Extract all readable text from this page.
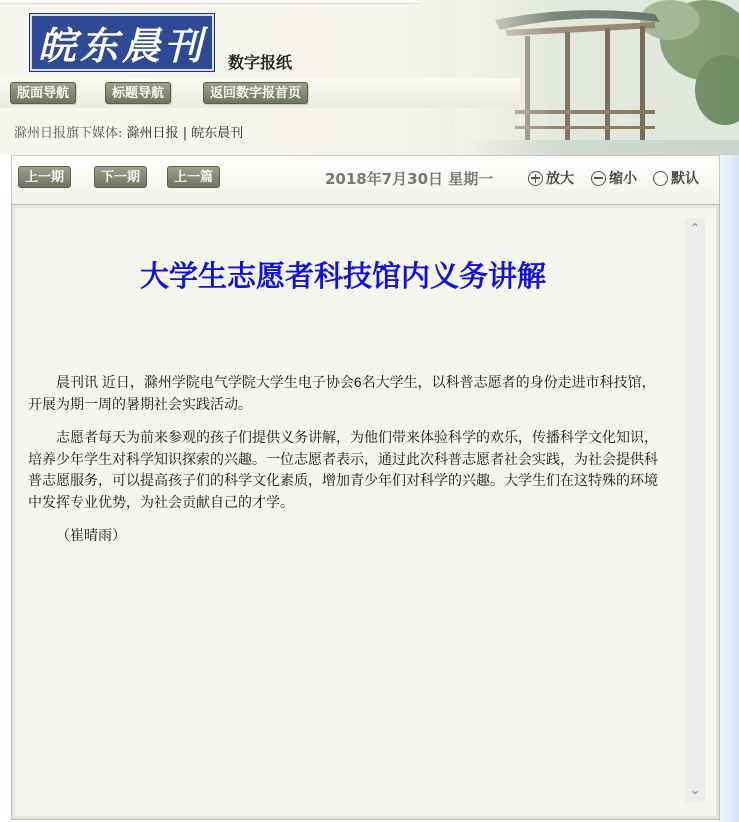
皖东晨刊 数字报纸
版面导航	标题导航	返回数字报首页
滁州日报旗下媒体: 滁州日报 | 皖东晨刊
上一期	下一期	上一篇	2018年7月30日 星期一	放大	缩小 默认
大学生志愿者科技馆内义务讲解

晨刊讯 近日，滁州学院电气学院大学生电子协会6名大学生，以科普志愿者的身份走进市科技馆，开展为期一周的暑期社会实践活动。

志愿者每天为前来参观的孩子们提供义务讲解，为他们带来体验科学的欢乐，传播科学文化知识，培养少年学生对科学知识探索的兴趣。一位志愿者表示，通过此次科普志愿者社会实践，为社会提供科普志愿服务，可以提高孩子们的科学文化素质，增加青少年们对科学的兴趣。大学生们在这特殊的环境中发挥专业优势，为社会贡献自己的才学。

（崔晴雨）

⌃
⌄
